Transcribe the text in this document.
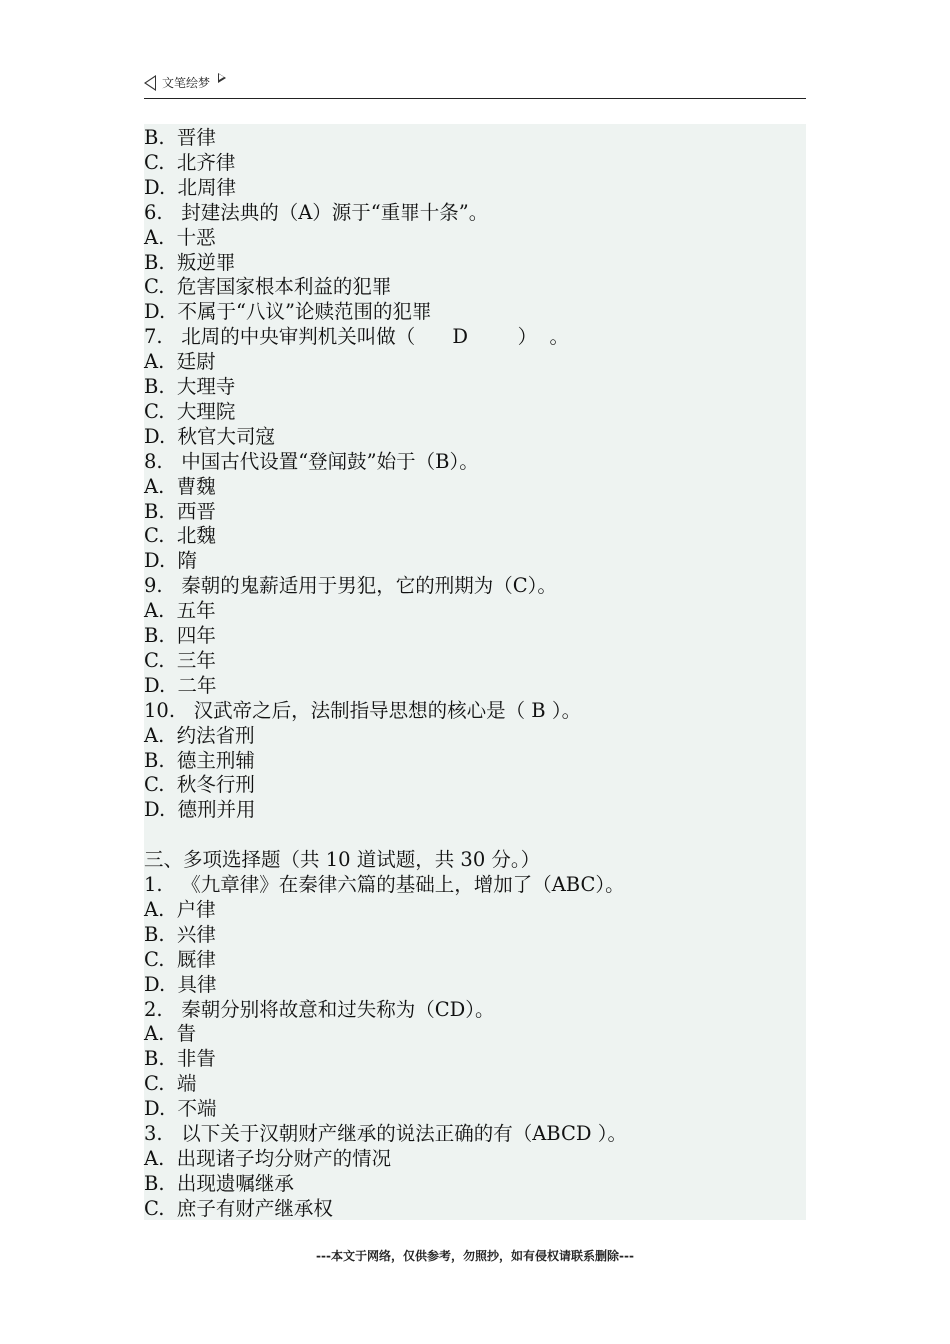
文笔绘梦
B.  晋律
C.  北齐律
D.  北周律
6.   封建法典的（A）源于“重罪十条”。
A.  十恶
B.  叛逆罪
C.  危害国家根本利益的犯罪
D.  不属于“八议”论赎范围的犯罪
7.   北周的中央审判机关叫做（      D        ）  。
A.  廷尉
B.  大理寺
C.  大理院
D.  秋官大司寇
8.   中国古代设置“登闻鼓”始于（B）。
A.  曹魏
B.  西晋
C.  北魏
D.  隋
9.   秦朝的鬼薪适用于男犯，它的刑期为（C）。
A.  五年
B.  四年
C.  三年
D.  二年
10.   汉武帝之后，法制指导思想的核心是（ B ）。
A.  约法省刑
B.  德主刑辅
C.  秋冬行刑
D.  德刑并用
三、多项选择题（共 10 道试题，共 30 分。）
1.   《九章律》在秦律六篇的基础上，增加了（ABC）。
A.  户律
B.  兴律
C.  厩律
D.  具律
2.   秦朝分别将故意和过失称为（CD）。
A.  眚
B.  非眚
C.  端
D.  不端
3.   以下关于汉朝财产继承的说法正确的有（ABCD ）。
A.  出现诸子均分财产的情况
B.  出现遗嘱继承
C.  庶子有财产继承权
---本文于网络，仅供参考，勿照抄，如有侵权请联系删除---
